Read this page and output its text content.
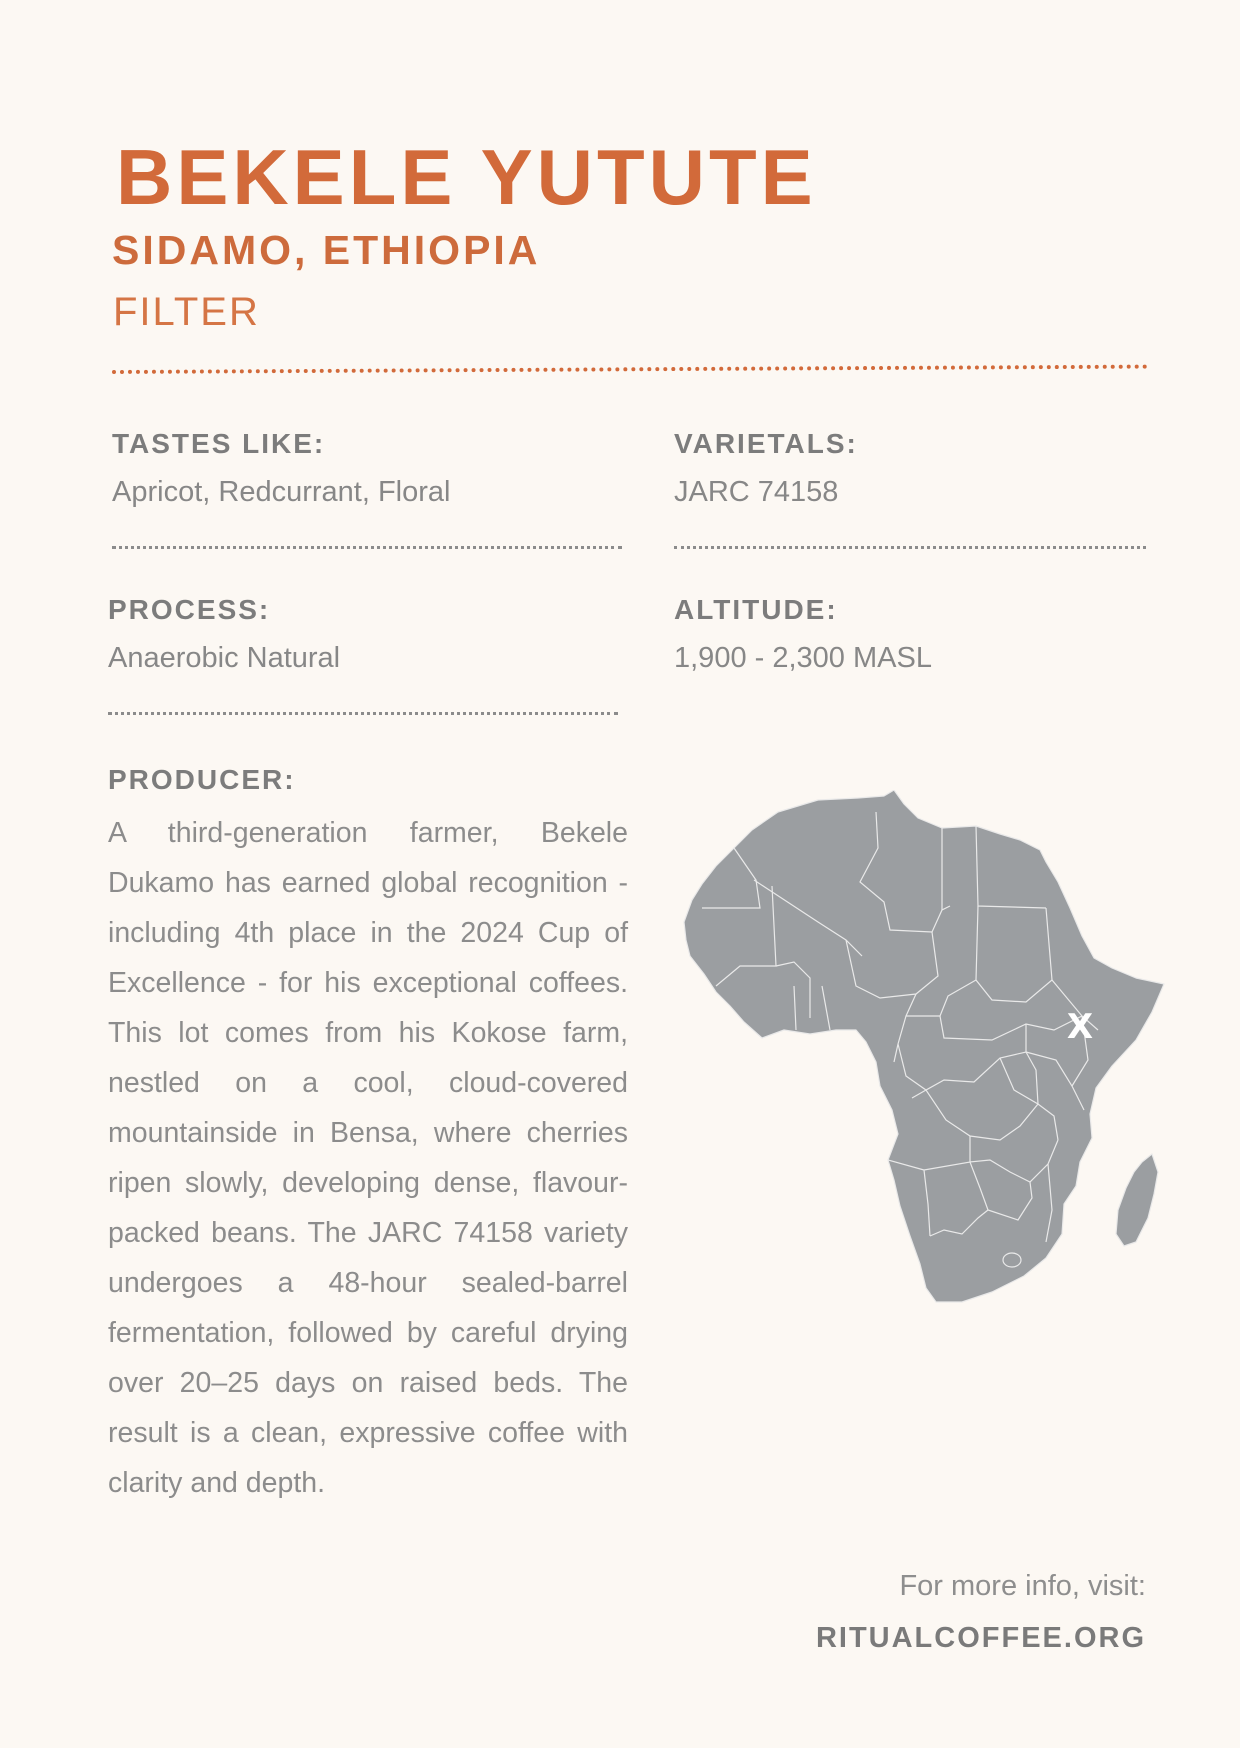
BEKELE YUTUTE
SIDAMO, ETHIOPIA
FILTER
TASTES LIKE:
Apricot, Redcurrant, Floral
VARIETALS:
JARC 74158
PROCESS:
Anaerobic Natural
ALTITUDE:
1,900 - 2,300 MASL
PRODUCER:

A third-generation farmer, Bekele Dukamo has earned global recognition - including 4th place in the 2024 Cup of Excellence - for his exceptional coffees. This lot comes from his Kokose farm, nestled on a cool, cloud-covered mountainside in Bensa, where cherries ripen slowly, developing dense, flavour-packed beans. The JARC 74158 variety undergoes a 48-hour sealed-barrel fermentation, followed by careful drying over 20–25 days on raised beds. The result is a clean, expressive coffee with clarity and depth.

X
For more info, visit:
RITUALCOFFEE.ORG
